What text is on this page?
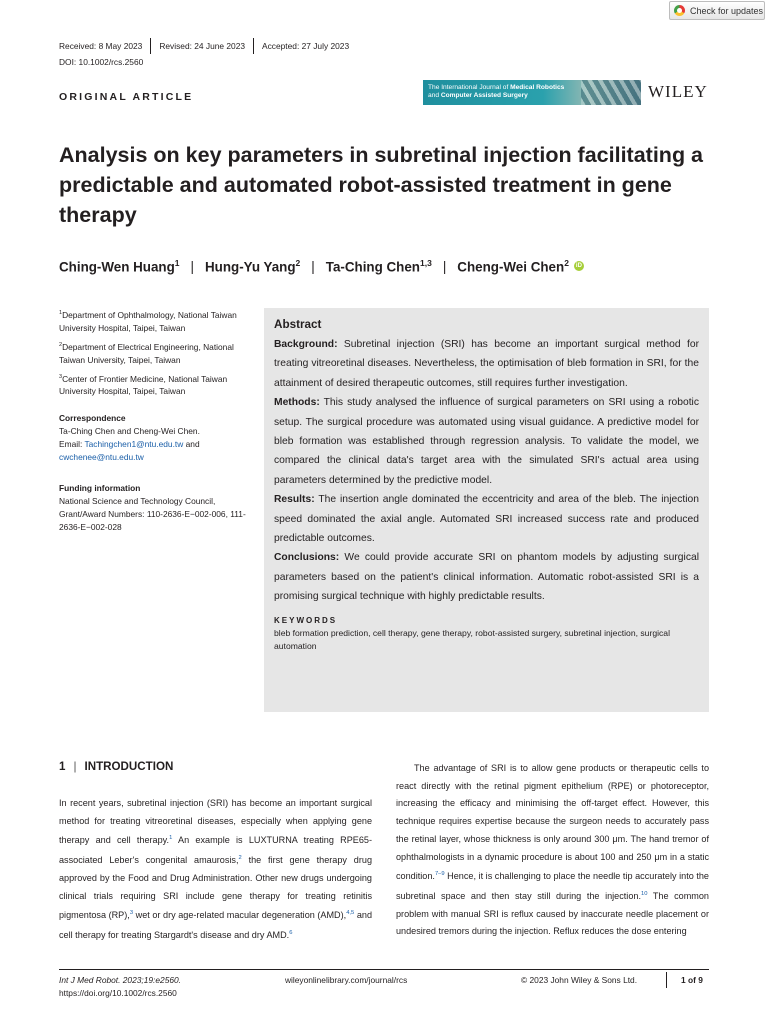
Check for updates
Received: 8 May 2023	Revised: 24 June 2023	Accepted: 27 July 2023
DOI: 10.1002/rcs.2560
ORIGINAL ARTICLE
The International Journal of Medical Robotics
and Computer Assisted Surgery	WILEY
Analysis on key parameters in subretinal injection facilitating a predictable and automated robot-assisted treatment in gene therapy
Ching-Wen Huang$^1$ | Hung-Yu Yang$^2$ | Ta-Ching Chen$^{1,3}$ | Cheng-Wei Chen$^2$	iD

$^1$Department of Ophthalmology, National Taiwan University Hospital, Taipei, Taiwan

$^2$Department of Electrical Engineering, National Taiwan University, Taipei, Taiwan

$^3$Center of Frontier Medicine, National Taiwan University Hospital, Taipei, Taiwan

Correspondence

Ta-Ching Chen and Cheng-Wei Chen.
Email: Tachingchen1@ntu.edu.tw and
cwchenee@ntu.edu.tw

Funding information

National Science and Technology Council, Grant/Award Numbers: 110-2636-E−002-006, 111-2636-E−002-028
Abstract
Background: Subretinal injection (SRI) has become an important surgical method for treating vitreoretinal diseases. Nevertheless, the optimisation of bleb formation in SRI, for the attainment of desired therapeutic outcomes, still requires further investigation.
Methods: This study analysed the influence of surgical parameters on SRI using a robotic setup. The surgical procedure was automated using visual guidance. A predictive model for bleb formation was established through regression analysis. To validate the model, we compared the clinical data's target area with the simulated SRI's actual area using parameters determined by the predictive model.
Results: The insertion angle dominated the eccentricity and area of the bleb. The injection speed dominated the axial angle. Automated SRI increased success rate and produced predictable outcomes.
Conclusions: We could provide accurate SRI on phantom models by adjusting surgical parameters based on the patient's clinical information. Automatic robot-assisted SRI is a promising surgical technique with highly predictable results.
KEYWORDS
bleb formation prediction, cell therapy, gene therapy, robot-assisted surgery, subretinal injection, surgical automation
1 | INTRODUCTION
In recent years, subretinal injection (SRI) has become an important surgical method for treating vitreoretinal diseases, especially when applying gene therapy and cell therapy.$^1$ An example is LUXTURNA treating RPE65-associated Leber's congenital amaurosis,$^2$ the first gene therapy drug approved by the Food and Drug Administration. Other new drugs undergoing clinical trials requiring SRI include gene therapy for treating retinitis pigmentosa (RP),$^3$ wet or dry age-related macular degeneration (AMD),$^{4,5}$ and cell therapy for treating Stargardt's disease and dry AMD.$^6$
The advantage of SRI is to allow gene products or therapeutic cells to react directly with the retinal pigment epithelium (RPE) or photoreceptor, increasing the efficacy and minimising the off-target effect. However, this technique requires expertise because the surgeon needs to accurately pass the retinal layer, whose thickness is only around 300 μm. The hand tremor of ophthalmologists in a dynamic procedure is about 100 and 250 μm in a static condition.$^{7-9}$ Hence, it is challenging to place the needle tip accurately into the subretinal space and then stay still during the injection.$^{10}$ The common problem with manual SRI is reflux caused by inaccurate needle placement or undesired tremors during the injection. Reflux reduces the dose entering
Int J Med Robot. 2023;19:e2560.
https://doi.org/10.1002/rcs.2560
wileyonlinelibrary.com/journal/rcs	© 2023 John Wiley & Sons Ltd.	1 of 9
